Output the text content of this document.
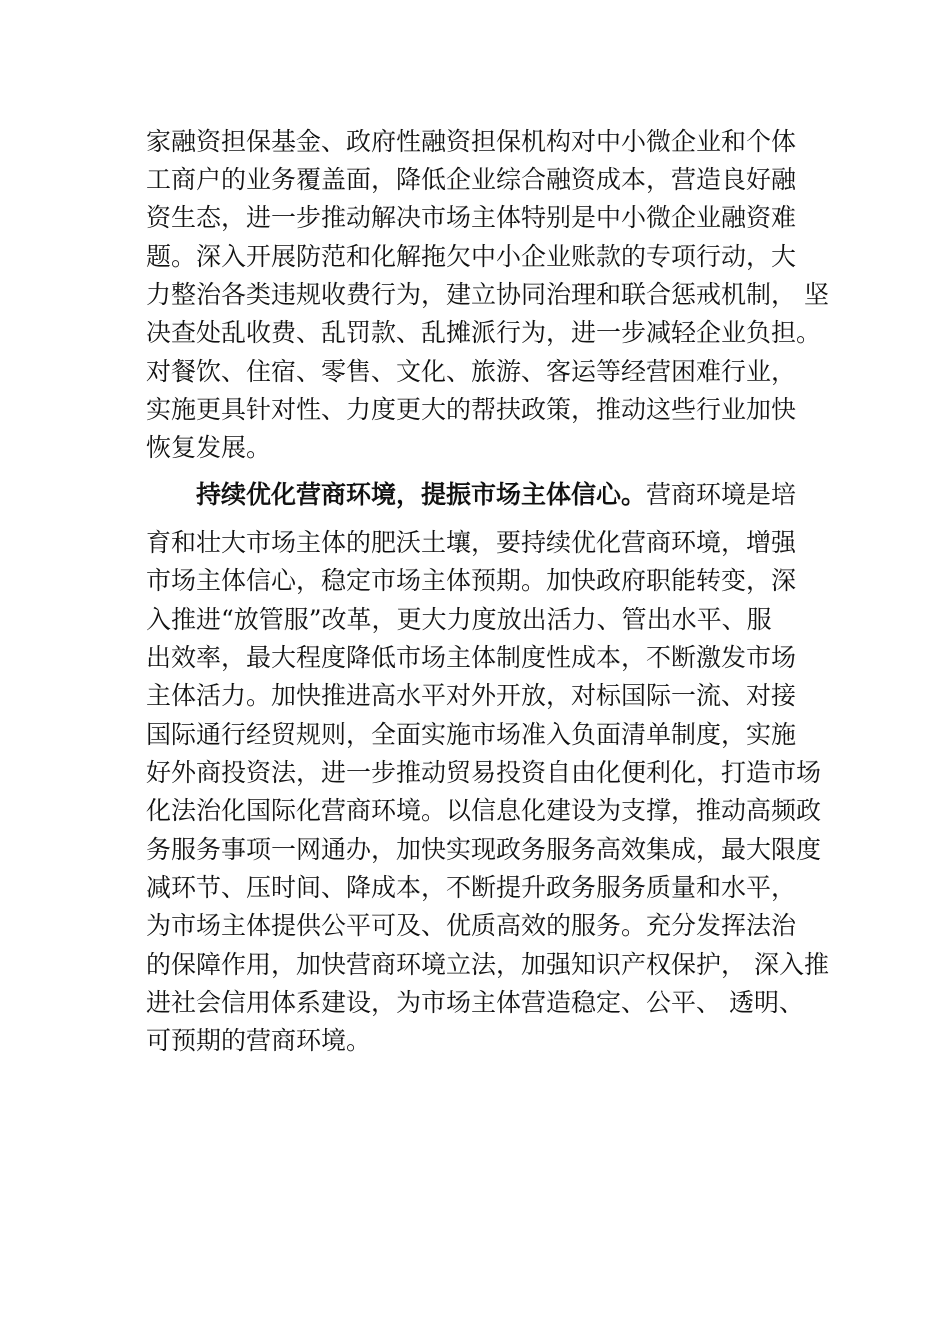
家融资担保基金、政府性融资担保机构对中小微企业和个体
工商户的业务覆盖面，降低企业综合融资成本，营造良好融
资生态，进一步推动解决市场主体特别是中小微企业融资难
题。深入开展防范和化解拖欠中小企业账款的专项行动，大
力整治各类违规收费行为，建立协同治理和联合惩戒机制， 坚
决查处乱收费、乱罚款、乱摊派行为，进一步减轻企业负担。
对餐饮、住宿、零售、文化、旅游、客运等经营困难行业，
实施更具针对性、力度更大的帮扶政策，推动这些行业加快
恢复发展。
持续优化营商环境，提振市场主体信心。营商环境是培
育和壮大市场主体的肥沃土壤，要持续优化营商环境，增强
市场主体信心，稳定市场主体预期。加快政府职能转变，深
入推进“放管服”改革，更大力度放出活力、管出水平、服
出效率，最大程度降低市场主体制度性成本，不断激发市场
主体活力。加快推进高水平对外开放，对标国际一流、对接
国际通行经贸规则，全面实施市场准入负面清单制度，实施
好外商投资法，进一步推动贸易投资自由化便利化，打造市场
化法治化国际化营商环境。以信息化建设为支撑，推动高频政
务服务事项一网通办，加快实现政务服务高效集成，最大限度
减环节、压时间、降成本，不断提升政务服务质量和水平，
为市场主体提供公平可及、优质高效的服务。充分发挥法治
的保障作用，加快营商环境立法，加强知识产权保护， 深入推
进社会信用体系建设，为市场主体营造稳定、公平、 透明、
可预期的营商环境。
